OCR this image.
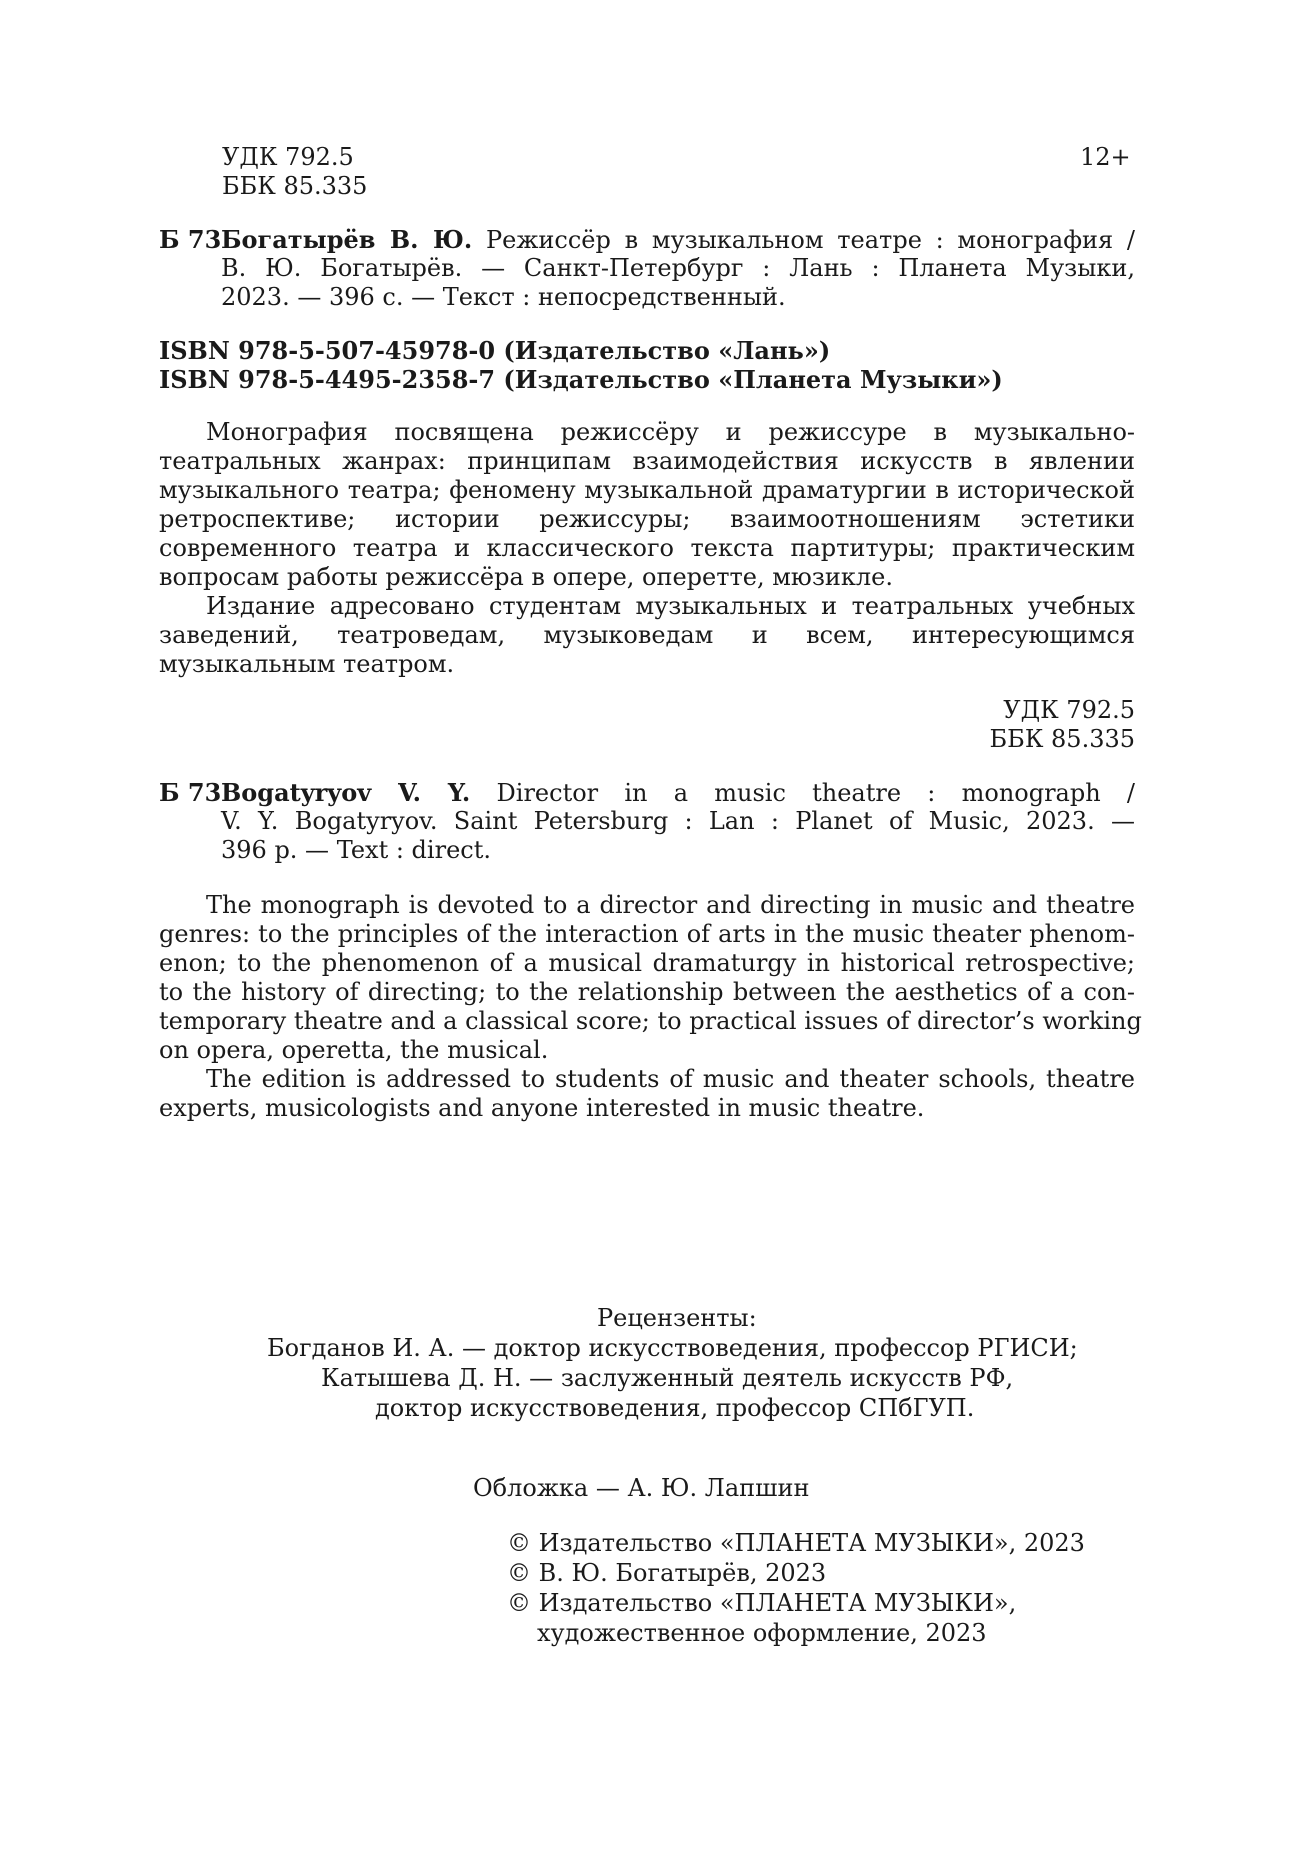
УДК 792.5
ББК 85.335
12+
Б 73 Богатырёв В. Ю. Режиссёр в музыкальном театре : монография /
В. Ю. Богатырёв. — Санкт-Петербург : Лань : Планета Музыки,
2023. — 396 с. — Текст : непосредственный.
ISBN 978-5-507-45978-0 (Издательство «Лань»)
ISBN 978-5-4495-2358-7 (Издательство «Планета Музыки»)
Монография посвящена режиссёру и режиссуре в музыкально-
театральных жанрах: принципам взаимодействия искусств в явлении
музыкального театра; феномену музыкальной драматургии в исторической
ретроспективе; истории режиссуры; взаимоотношениям эстетики
современного театра и классического текста партитуры; практическим
вопросам работы режиссёра в опере, оперетте, мюзикле.
Издание адресовано студентам музыкальных и театральных учебных
заведений, театроведам, музыковедам и всем, интересующимся
музыкальным театром.
УДК 792.5
ББК 85.335
Б 73 Bogatyryov V. Y. Director in a music theatre : monograph /
V. Y. Bogatyryov. Saint Petersburg : Lan : Planet of Music, 2023. —
396 p. — Text : direct.
The monograph is devoted to a director and directing in music and theatre
genres: to the principles of the interaction of arts in the music theater phenom-
enon; to the phenomenon of a musical dramaturgy in historical retrospective;
to the history of directing; to the relationship between the aesthetics of a con-
temporary theatre and a classical score; to practical issues of director’s working
on opera, operetta, the musical.
The edition is addressed to students of music and theater schools, theatre
experts, musicologists and anyone interested in music theatre.
Рецензенты:
Богданов И. А. — доктор искусствоведения, профессор РГИСИ;
Катышева Д. Н. — заслуженный деятель искусств РФ,
доктор искусствоведения, профессор СПбГУП.
Обложка — А. Ю. Лапшин
© Издательство «ПЛАНЕТА МУЗЫКИ», 2023
© В. Ю. Богатырёв, 2023
© Издательство «ПЛАНЕТА МУЗЫКИ»,
художественное оформление, 2023
